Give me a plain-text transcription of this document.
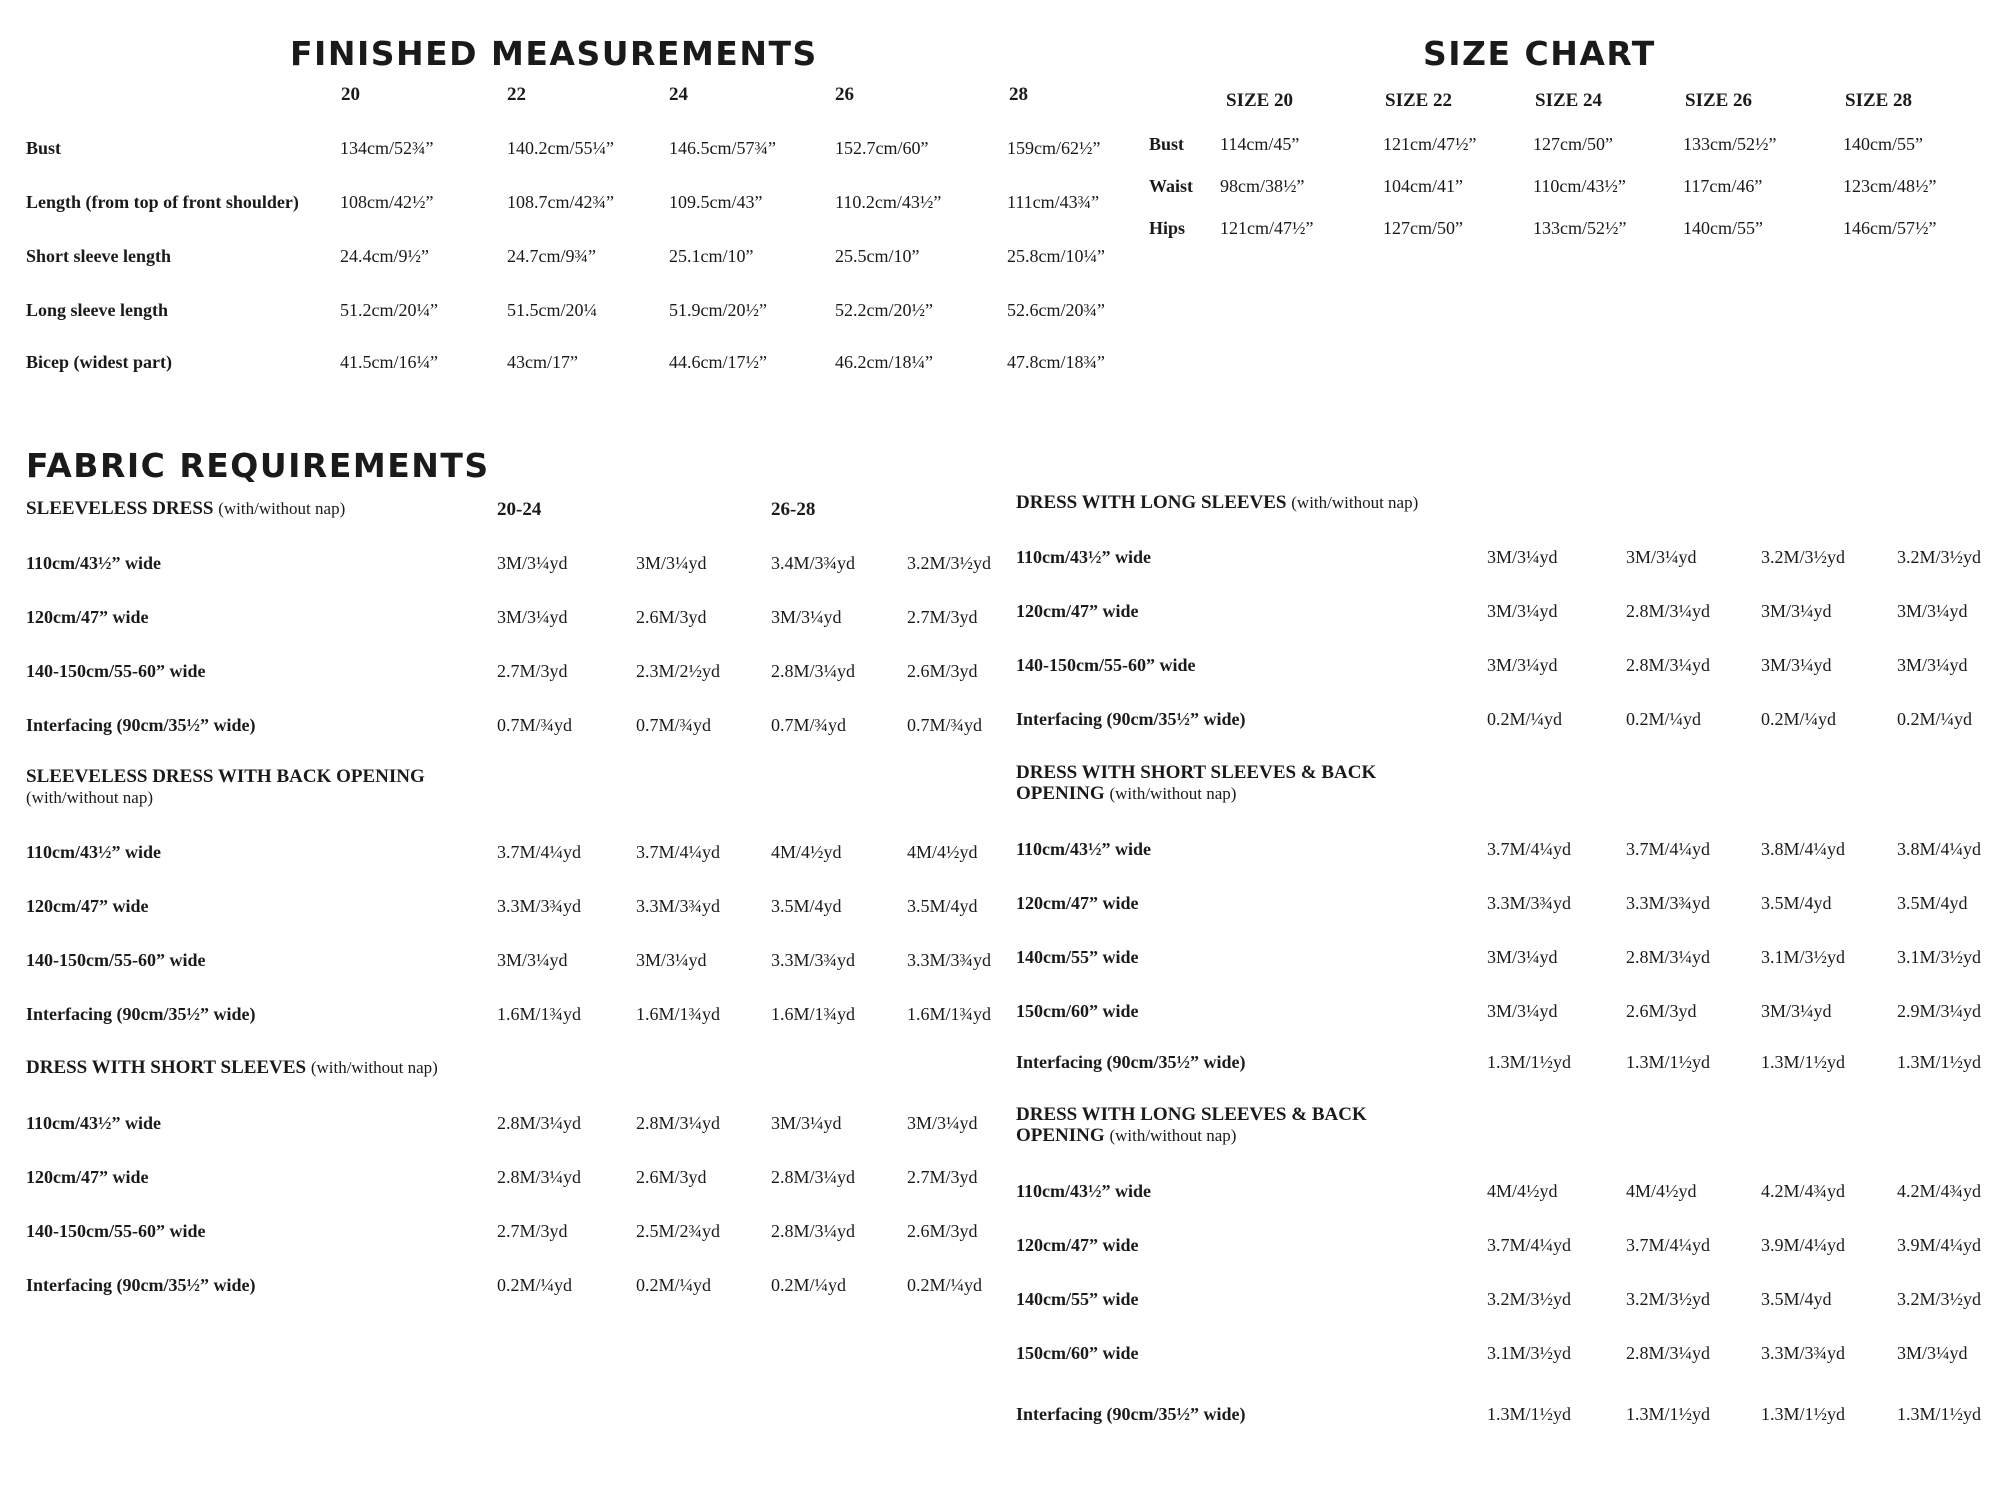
FINISHED MEASUREMENTS
20	22	24	26	28
Bust	134cm/52¾”	140.2cm/55¼”	146.5cm/57¾”	152.7cm/60”	159cm/62½”
Length (from top of front shoulder) 108cm/42½”	108.7cm/42¾”	109.5cm/43”	110.2cm/43½”	111cm/43¾”
Short sleeve length	24.4cm/9½”	24.7cm/9¾”	25.1cm/10”	25.5cm/10”	25.8cm/10¼”
Long sleeve length	51.2cm/20¼”	51.5cm/20¼	51.9cm/20½”	52.2cm/20½”	52.6cm/20¾”
Bicep (widest part)	41.5cm/16¼”	43cm/17”	44.6cm/17½”	46.2cm/18¼”	47.8cm/18¾”
SIZE CHART
SIZE 20	SIZE 22	SIZE 24	SIZE 26	SIZE 28
Bust 114cm/45”	121cm/47½”	127cm/50”	133cm/52½”	140cm/55”
Waist 98cm/38½”	104cm/41”	110cm/43½”	117cm/46”	123cm/48½”
Hips 121cm/47½”	127cm/50”	133cm/52½”	140cm/55”	146cm/57½”
FABRIC REQUIREMENTS
SLEEVELESS DRESS (with/without nap)	20-24	26-28
110cm/43½” wide	3M/3¼yd	3M/3¼yd	3.4M/3¾yd	3.2M/3½yd
120cm/47” wide	3M/3¼yd	2.6M/3yd	3M/3¼yd	2.7M/3yd
140-150cm/55-60” wide	2.7M/3yd	2.3M/2½yd	2.8M/3¼yd	2.6M/3yd
Interfacing (90cm/35½” wide)	0.7M/¾yd	0.7M/¾yd	0.7M/¾yd	0.7M/¾yd
SLEEVELESS DRESS WITH BACK OPENING
(with/without nap)
110cm/43½” wide	3.7M/4¼yd	3.7M/4¼yd	4M/4½yd	4M/4½yd
120cm/47” wide	3.3M/3¾yd	3.3M/3¾yd	3.5M/4yd	3.5M/4yd
140-150cm/55-60” wide	3M/3¼yd	3M/3¼yd	3.3M/3¾yd	3.3M/3¾yd
Interfacing (90cm/35½” wide)	1.6M/1¾yd	1.6M/1¾yd	1.6M/1¾yd	1.6M/1¾yd
DRESS WITH SHORT SLEEVES (with/without nap)
110cm/43½” wide	2.8M/3¼yd	2.8M/3¼yd	3M/3¼yd	3M/3¼yd
120cm/47” wide	2.8M/3¼yd	2.6M/3yd	2.8M/3¼yd	2.7M/3yd
140-150cm/55-60” wide	2.7M/3yd	2.5M/2¾yd	2.8M/3¼yd	2.6M/3yd
Interfacing (90cm/35½” wide)	0.2M/¼yd	0.2M/¼yd	0.2M/¼yd	0.2M/¼yd
DRESS WITH LONG SLEEVES (with/without nap)
110cm/43½” wide	3M/3¼yd	3M/3¼yd	3.2M/3½yd	3.2M/3½yd
120cm/47” wide	3M/3¼yd	2.8M/3¼yd	3M/3¼yd	3M/3¼yd
140-150cm/55-60” wide	3M/3¼yd	2.8M/3¼yd	3M/3¼yd	3M/3¼yd
Interfacing (90cm/35½” wide)	0.2M/¼yd	0.2M/¼yd	0.2M/¼yd	0.2M/¼yd
DRESS WITH SHORT SLEEVES & BACK
OPENING (with/without nap)
110cm/43½” wide	3.7M/4¼yd	3.7M/4¼yd	3.8M/4¼yd	3.8M/4¼yd
120cm/47” wide	3.3M/3¾yd	3.3M/3¾yd	3.5M/4yd	3.5M/4yd
140cm/55” wide	3M/3¼yd	2.8M/3¼yd	3.1M/3½yd	3.1M/3½yd
150cm/60” wide	3M/3¼yd	2.6M/3yd	3M/3¼yd	2.9M/3¼yd
Interfacing (90cm/35½” wide)	1.3M/1½yd	1.3M/1½yd	1.3M/1½yd	1.3M/1½yd
DRESS WITH LONG SLEEVES & BACK
OPENING (with/without nap)
110cm/43½” wide	4M/4½yd	4M/4½yd	4.2M/4¾yd	4.2M/4¾yd
120cm/47” wide	3.7M/4¼yd	3.7M/4¼yd	3.9M/4¼yd	3.9M/4¼yd
140cm/55” wide	3.2M/3½yd	3.2M/3½yd	3.5M/4yd	3.2M/3½yd
150cm/60” wide	3.1M/3½yd	2.8M/3¼yd	3.3M/3¾yd	3M/3¼yd
Interfacing (90cm/35½” wide)	1.3M/1½yd	1.3M/1½yd	1.3M/1½yd	1.3M/1½yd
